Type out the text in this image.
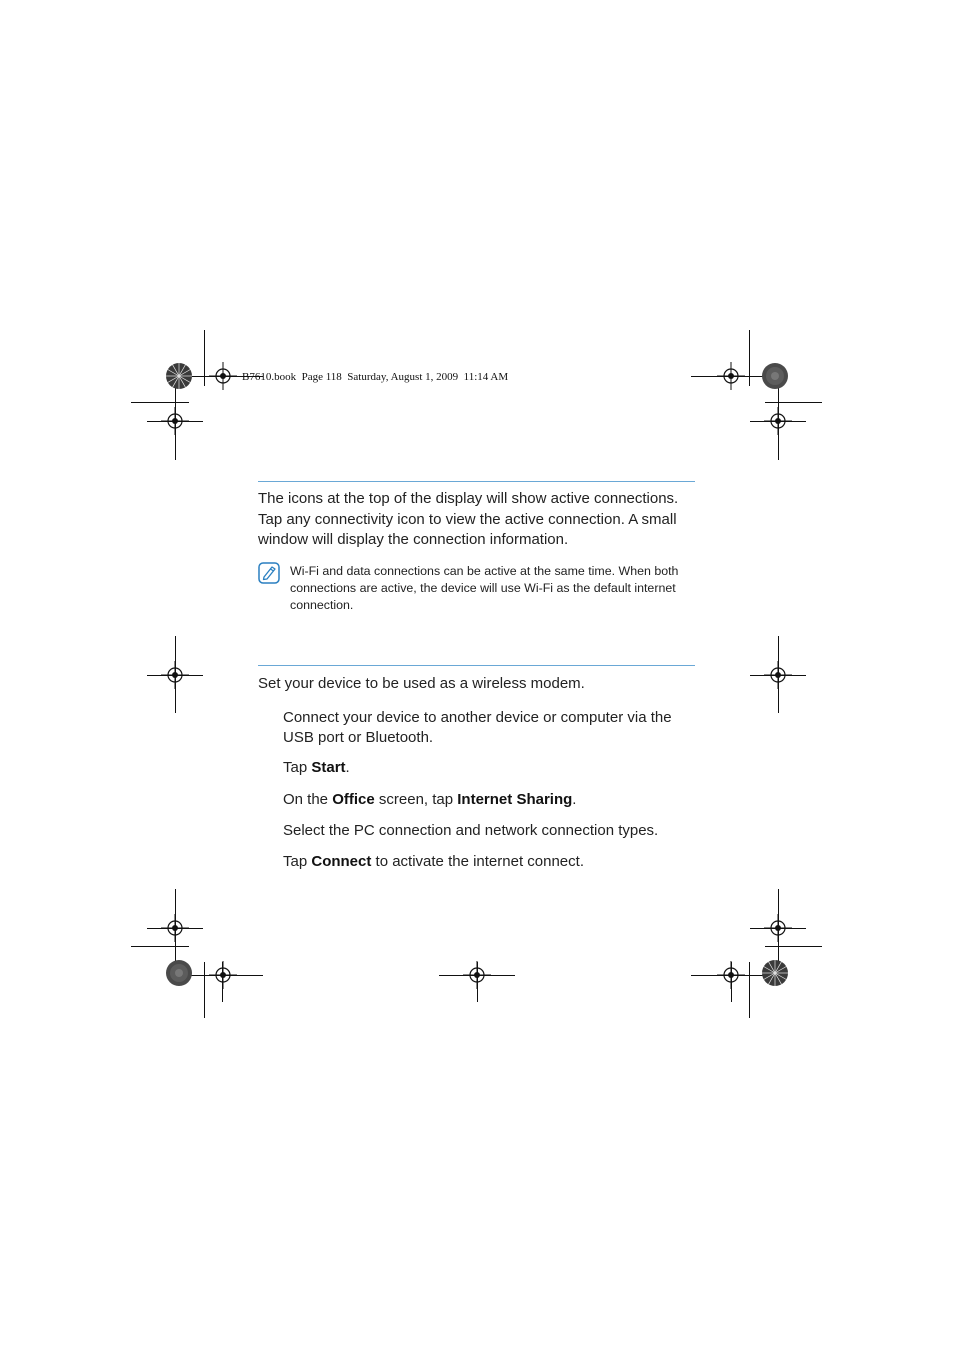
B7610.book  Page 118  Saturday, August 1, 2009  11:14 AM
The icons at the top of the display will show active connections. Tap any connectivity icon to view the active connection. A small window will display the connection information.
Wi-Fi and data connections can be active at the same time. When both connections are active, the device will use Wi-Fi as the default internet connection.
Set your device to be used as a wireless modem.
Connect your device to another device or computer via the USB port or Bluetooth.
Tap Start.
On the Office screen, tap Internet Sharing.
Select the PC connection and network connection types.
Tap Connect to activate the internet connect.
